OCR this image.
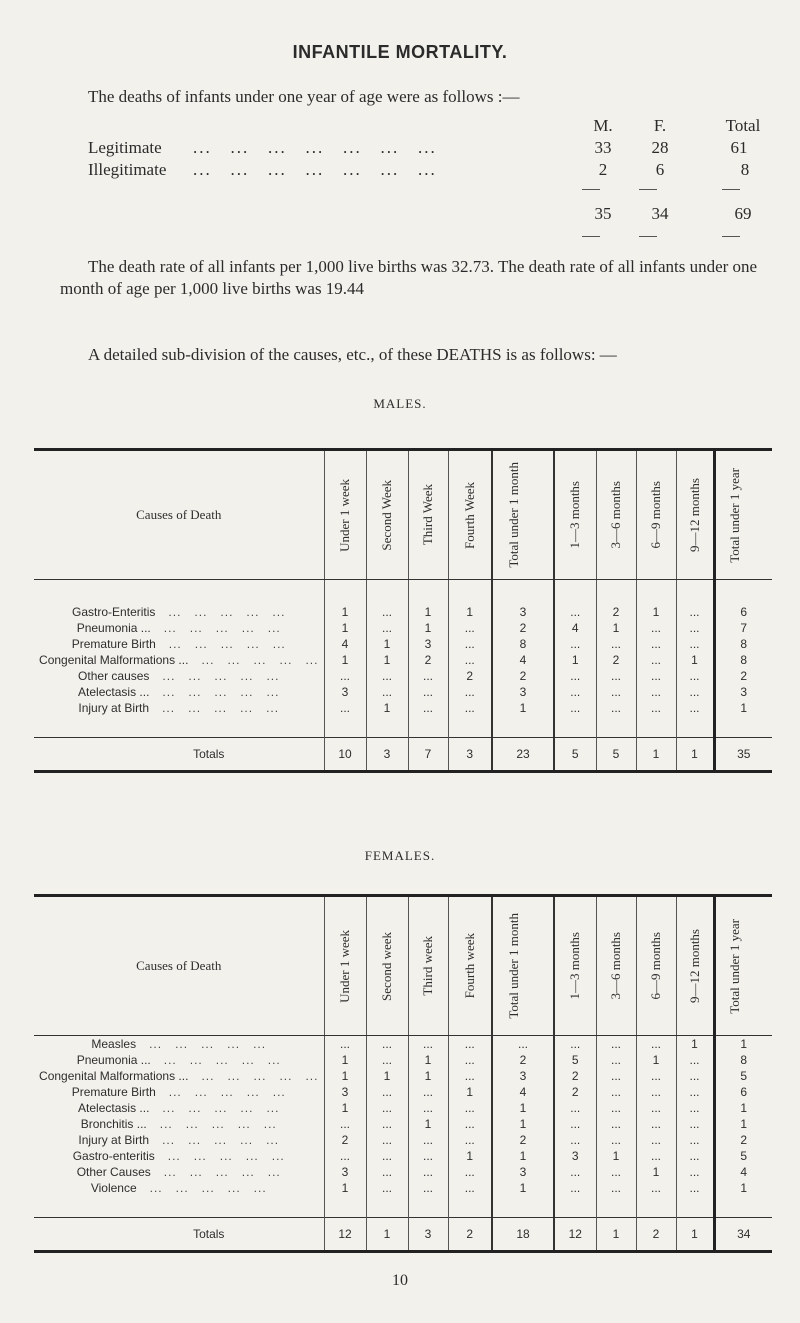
INFANTILE MORTALITY.
The deaths of infants under one year of age were as follows :—
M.	F.	Total
Legitimate ...   ...   ...   ...   ...   ...   ...	33	28	61
Illegitimate ...   ...   ...   ...   ...   ...   ...	2	6	8
35	34	69
The death rate of all infants per 1,000 live births was 32.73. The death rate of all infants under one month of age per 1,000 live births was 19.44
A detailed sub-division of the causes, etc., of these DEATHS is as follows: —
MALES.
Causes of Death	Under 1 week	Second Week	Third Week	Fourth Week	Total under 1 month	1—3 months	3—6 months	6—9 months	9—12 months	Total under 1 year

Gastro-Enteritis   ...   ...   ...   ...   ...	1	...	1	1	3	...	2	1	...	6
Pneumonia ...   ...   ...   ...   ...   ...	1	...	1	...	2	4	1	...	...	7
Premature Birth   ...   ...   ...   ...   ...	4	1	3	...	8	...	...	...	...	8
Congenital Malformations ...   ...   ...   ...   ...   ...	1	1	2	...	4	1	2	...	1	8
Other causes   ...   ...   ...   ...   ...	...	...	...	2	2	...	...	...	...	2
Atelectasis ...   ...   ...   ...   ...   ...	3	...	...	...	3	...	...	...	...	3
Injury at Birth   ...   ...   ...   ...   ...	...	1	...	...	1	...	...	...	...	1

Totals	10	3	7	3	23	5	5	1	1	35
FEMALES.
Causes of Death	Under 1 week	Second week	Third week	Fourth week	Total under 1 month	1—3 months	3—6 months	6—9 months	9—12 months	Total under 1 year

Measles   ...   ...   ...   ...   ...	...	...	...	...	...	...	...	...	1	1
Pneumonia ...   ...   ...   ...   ...   ...	1	...	1	...	2	5	...	1	...	8
Congenital Malformations ...   ...   ...   ...   ...   ...	1	1	1	...	3	2	...	...	...	5
Premature Birth   ...   ...   ...   ...   ...	3	...	...	1	4	2	...	...	...	6
Atelectasis ...   ...   ...   ...   ...   ...	1	...	...	...	1	...	...	...	...	1
Bronchitis ...   ...   ...   ...   ...   ...	...	...	1	...	1	...	...	...	...	1
Injury at Birth   ...   ...   ...   ...   ...	2	...	...	...	2	...	...	...	...	2
Gastro-enteritis   ...   ...   ...   ...   ...	...	...	...	1	1	3	1	...	...	5
Other Causes   ...   ...   ...   ...   ...	3	...	...	...	3	...	...	1	...	4
Violence   ...   ...   ...   ...   ...	1	...	...	...	1	...	...	...	...	1

Totals	12	1	3	2	18	12	1	2	1	34
10
